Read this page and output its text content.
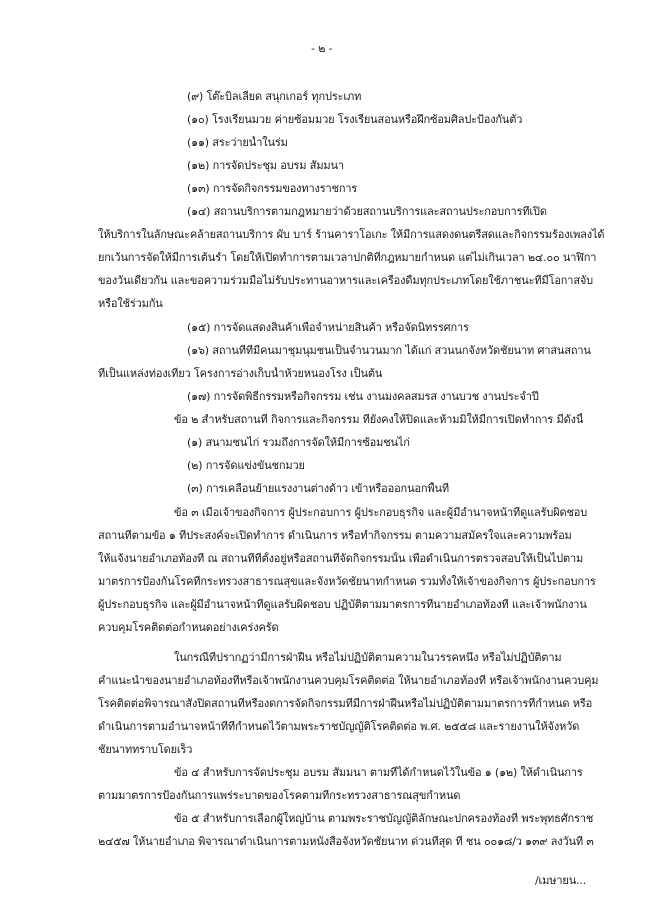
- ๒ -
(๙) โต๊ะบิลเลียด สนุกเกอร์ ทุกประเภท
(๑๐) โรงเรียนมวย ค่ายซ้อมมวย โรงเรียนสอนหรือฝึกซ้อมศิลปะป้องกันตัว
(๑๑) สระว่ายน้ำในร่ม
(๑๒) การจัดประชุม อบรม สัมมนา
(๑๓) การจัดกิจกรรมของทางราชการ
(๑๔) สถานบริการตามกฎหมายว่าด้วยสถานบริการและสถานประกอบการที่เปิด
ให้บริการในลักษณะคล้ายสถานบริการ ผับ บาร์ ร้านคาราโอเกะ ให้มีการแสดงดนตรีสดและกิจกรรมร้องเพลงได้
ยกเว้นการจัดให้มีการเต้นรำ โดยให้เปิดทำการตามเวลาปกติที่กฎหมายกำหนด แต่ไม่เกินเวลา ๒๔.๐๐ นาฬิกา
ของวันเดียวกัน และขอความร่วมมือไม่รับประทานอาหารและเครื่องดื่มทุกประเภทโดยใช้ภาชนะที่มีโอกาสจับ
หรือใช้ร่วมกัน
(๑๕) การจัดแสดงสินค้าเพื่อจำหน่ายสินค้า หรือจัดนิทรรศการ
(๑๖) สถานที่ที่มีคนมาชุมนุมชนเป็นจำนวนมาก ได้แก่ สวนนกจังหวัดชัยนาท ศาสนสถาน
ที่เป็นแหล่งท่องเที่ยว โครงการอ่างเก็บน้ำห้วยหนองโรง เป็นต้น
(๑๗) การจัดพิธีกรรมหรือกิจกรรม เช่น งานมงคลสมรส งานบวช งานประจำปี
ข้อ ๒ สำหรับสถานที่ กิจการและกิจกรรม ที่ยังคงให้ปิดและห้ามมิให้มีการเปิดทำการ มีดังนี้
(๑) สนามชนไก่ รวมถึงการจัดให้มีการซ้อมชนไก่
(๒) การจัดแข่งขันชกมวย
(๓) การเคลื่อนย้ายแรงงานต่างด้าว เข้าหรือออกนอกพื้นที่
ข้อ ๓ เมื่อเจ้าของกิจการ ผู้ประกอบการ ผู้ประกอบธุรกิจ และผู้มีอำนาจหน้าที่ดูแลรับผิดชอบ
สถานที่ตามข้อ ๑ ที่ประสงค์จะเปิดทำการ ดำเนินการ หรือทำกิจกรรม ตามความสมัครใจและความพร้อม
ให้แจ้งนายอำเภอท้องที่ ณ สถานที่ที่ตั้งอยู่หรือสถานที่จัดกิจกรรมนั้น เพื่อดำเนินการตรวจสอบให้เป็นไปตาม
มาตรการป้องกันโรคที่กระทรวงสาธารณสุขและจังหวัดชัยนาทกำหนด รวมทั้งให้เจ้าของกิจการ ผู้ประกอบการ
ผู้ประกอบธุรกิจ และผู้มีอำนาจหน้าที่ดูแลรับผิดชอบ ปฏิบัติตามมาตรการที่นายอำเภอท้องที่ และเจ้าพนักงาน
ควบคุมโรคติดต่อกำหนดอย่างเคร่งครัด
ในกรณีที่ปรากฏว่ามีการฝ่าฝืน หรือไม่ปฏิบัติตามความในวรรคหนึ่ง หรือไม่ปฏิบัติตาม
คำแนะนำของนายอำเภอท้องที่หรือเจ้าพนักงานควบคุมโรคติดต่อ ให้นายอำเภอท้องที่ หรือเจ้าพนักงานควบคุม
โรคติดต่อพิจารณาสั่งปิดสถานที่หรืองดการจัดกิจกรรมที่มีการฝ่าฝืนหรือไม่ปฏิบัติตามมาตรการที่กำหนด หรือ
ดำเนินการตามอำนาจหน้าที่ที่กำหนดไว้ตามพระราชบัญญัติโรคติดต่อ พ.ศ. ๒๕๕๘ และรายงานให้จังหวัด
ชัยนาททราบโดยเร็ว
ข้อ ๔ สำหรับการจัดประชุม อบรม สัมมนา ตามที่ได้กำหนดไว้ในข้อ ๑ (๑๒) ให้ดำเนินการ
ตามมาตรการป้องกันการแพร่ระบาดของโรคตามที่กระทรวงสาธารณสุขกำหนด
ข้อ ๕ สำหรับการเลือกผู้ใหญ่บ้าน ตามพระราชบัญญัติลักษณะปกครองท้องที่ พระพุทธศักราช
๒๔๕๗ ให้นายอำเภอ พิจารณาดำเนินการตามหนังสือจังหวัดชัยนาท ด่วนที่สุด ที่ ชน ๐๐๑๘/ว ๑๓๙ ลงวันที่ ๓
/เมษายน...
